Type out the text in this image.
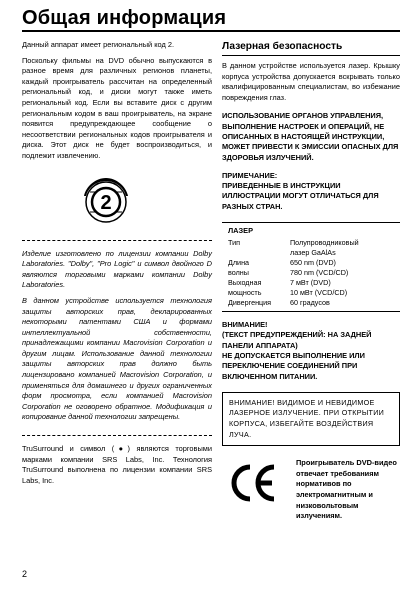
Общая информация

Данный аппарат имеет региональный код 2.

Поскольку фильмы на DVD обычно выпускаются в разное время для различных регионов планеты, каждый проигрыватель рассчитан на определенный региональный код, и диски могут также иметь региональный код. Если вы вставите диск с другим региональным кодом в ваш проигрыватель, на экране появится предупреждающее сообщение о несоответствии региональных кодов проигрывателя и диска. Этот диск не будет воспроизводиться, и подлежит извлечению.

2

Изделие изготовлено по лицензии компании Dolby Laboratories. "Dolby", "Pro Logic" и символ двойного D являются торговыми марками компании Dolby Laboratories.

В данном устройстве используется технология защиты авторских прав, декларированных некоторыми патентами США и формами интеллектуальной собственности, принадлежащими компании Macrovision Corporation и другим лицам. Использование данной технологии защиты авторских прав должно быть лицензировано компанией Macrovision Corporation, и применяться для домашнего и других ограниченных форм просмотра, если компанией Macrovision Corporation не оговорено обратное. Модификация и копирование данной технологии запрещены.

TruSurround и символ (●) являются торговыми марками компании SRS Labs, Inc. Технология TruSurround выполнена по лицензии компании SRS Labs, Inc.

Лазерная безопасность

В данном устройстве используется лазер. Крышку корпуса устройства допускается вскрывать только квалифицированным специалистам, во избежание повреждения глаз.

ИСПОЛЬЗОВАНИЕ ОРГАНОВ УПРАВЛЕНИЯ, ВЫПОЛНЕНИЕ НАСТРОЕК И ОПЕРАЦИЙ, НЕ ОПИСАННЫХ В НАСТОЯЩЕЙ ИНСТРУКЦИИ, МОЖЕТ ПРИВЕСТИ К ЭМИССИИ ОПАСНЫХ ДЛЯ ЗДОРОВЬЯ ИЗЛУЧЕНИЙ.

ПРИМЕЧАНИЕ:

ПРИВЕДЕННЫЕ В ИНСТРУКЦИИ ИЛЛЮСТРАЦИИ МОГУТ ОТЛИЧАТЬСЯ ДЛЯ РАЗНЫХ СТРАН.

ЛАЗЕР
Тип	Полупроводниковый
	лазер GaAlAs
Длина	650 nm (DVD)
волны	780 nm (VCD/CD)
Выходная	7 мВт (DVD)
мощность	10 мВт (VCD/CD)
Дивергенция	60 градусов

ВНИМАНИЕ!

(ТЕКСТ ПРЕДУПРЕЖДЕНИЙ: НА ЗАДНЕЙ ПАНЕЛИ АППАРАТА)

НЕ ДОПУСКАЕТСЯ ВЫПОЛНЕНИЕ ИЛИ ПЕРЕКЛЮЧЕНИЕ СОЕДИНЕНИЙ ПРИ ВКЛЮЧЕННОМ ПИТАНИИ.

ВНИМАНИЕ! ВИДИМОЕ И НЕВИДИМОЕ ЛАЗЕРНОЕ ИЗЛУЧЕНИЕ. ПРИ ОТКРЫТИИ КОРПУСА, ИЗБЕГАЙТЕ ВОЗДЕЙСТВИЯ ЛУЧА.

Проигрыватель DVD-видео отвечает требованиям нормативов по электромагнитным и низковольтовым излучениям.

2
